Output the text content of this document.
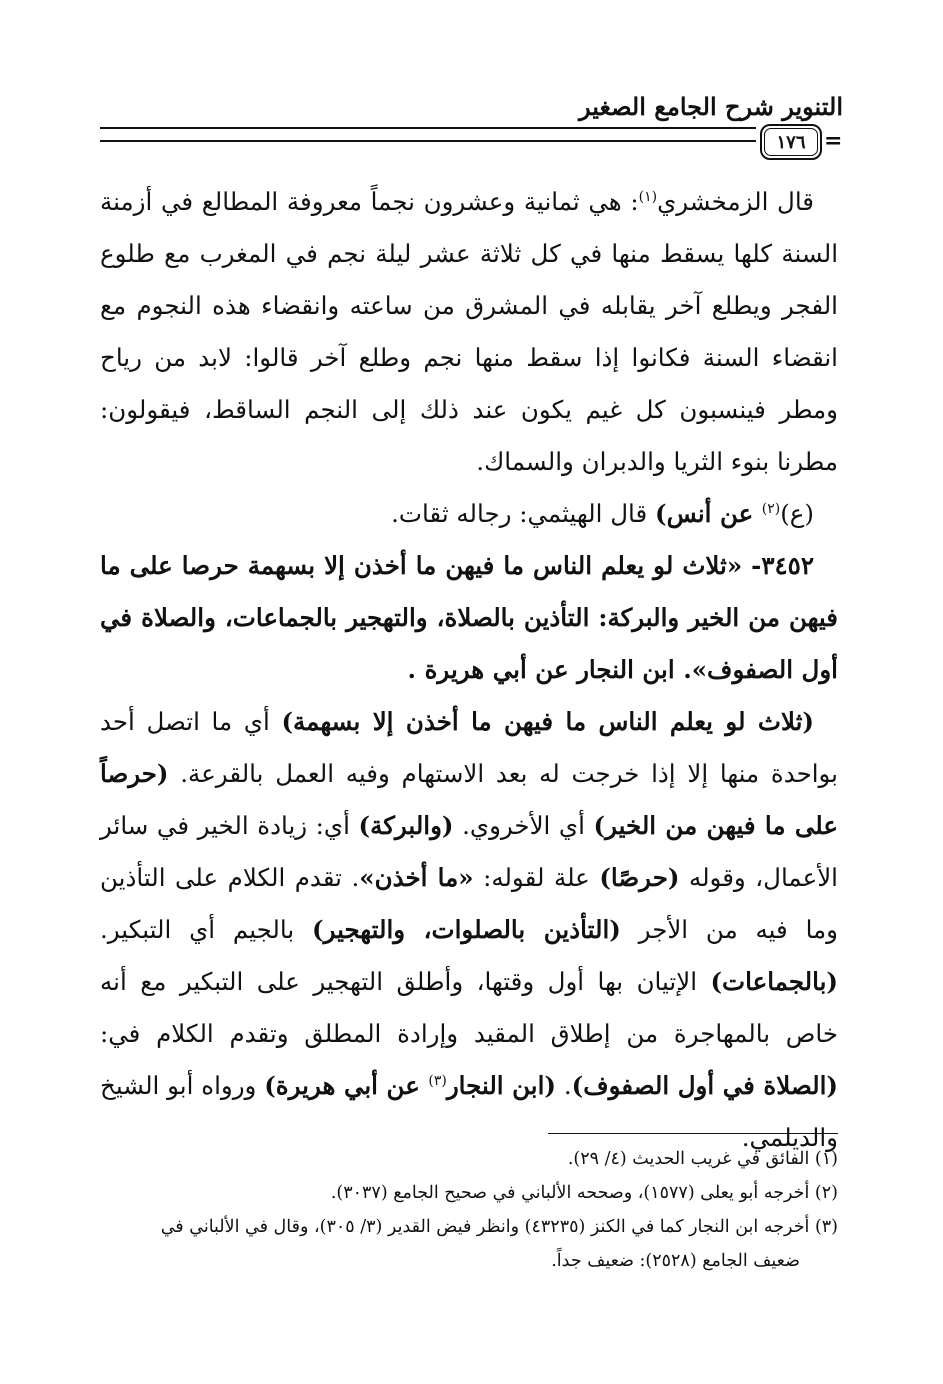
التنوير شرح الجامع الصغير
١٧٦ =

قال الزمخشري$^{(١)}$: هي ثمانية وعشرون نجماً معروفة المطالع في أزمنة السنة كلها يسقط منها في كل ثلاثة عشر ليلة نجم في المغرب مع طلوع الفجر ويطلع آخر يقابله في المشرق من ساعته وانقضاء هذه النجوم مع انقضاء السنة فكانوا إذا سقط منها نجم وطلع آخر قالوا: لابد من رياح ومطر فينسبون كل غيم يكون عند ذلك إلى النجم الساقط، فيقولون: مطرنا بنوء الثريا والدبران والسماك.

(ع)$^{(٢)}$ عن أنس) قال الهيثمي: رجاله ثقات.

٣٤٥٢- «ثلاث لو يعلم الناس ما فيهن ما أخذن إلا بسهمة حرصا على ما فيهن من الخير والبركة: التأذين بالصلاة، والتهجير بالجماعات، والصلاة في أول الصفوف». ابن النجار عن أبي هريرة .

(ثلاث لو يعلم الناس ما فيهن ما أخذن إلا بسهمة) أي ما اتصل أحد بواحدة منها إلا إذا خرجت له بعد الاستهام وفيه العمل بالقرعة. (حرصاً على ما فيهن من الخير) أي الأخروي. (والبركة) أي: زيادة الخير في سائر الأعمال، وقوله (حرصًا) علة لقوله: «ما أخذن». تقدم الكلام على التأذين وما فيه من الأجر (التأذين بالصلوات، والتهجير) بالجيم أي التبكير. (بالجماعات) الإتيان بها أول وقتها، وأطلق التهجير على التبكير مع أنه خاص بالمهاجرة من إطلاق المقيد وإرادة المطلق وتقدم الكلام في: (الصلاة في أول الصفوف). (ابن النجار$^{(٣)}$ عن أبي هريرة) ورواه أبو الشيخ والديلمي.

(١) الفائق في غريب الحديث (٤/ ٢٩).

(٢) أخرجه أبو يعلى (١٥٧٧)، وصححه الألباني في صحيح الجامع (٣٠٣٧).

(٣) أخرجه ابن النجار كما في الكنز (٤٣٢٣٥) وانظر فيض القدير (٣/ ٣٠٥)، وقال في الألباني في

ضعيف الجامع (٢٥٢٨): ضعيف جداً.
